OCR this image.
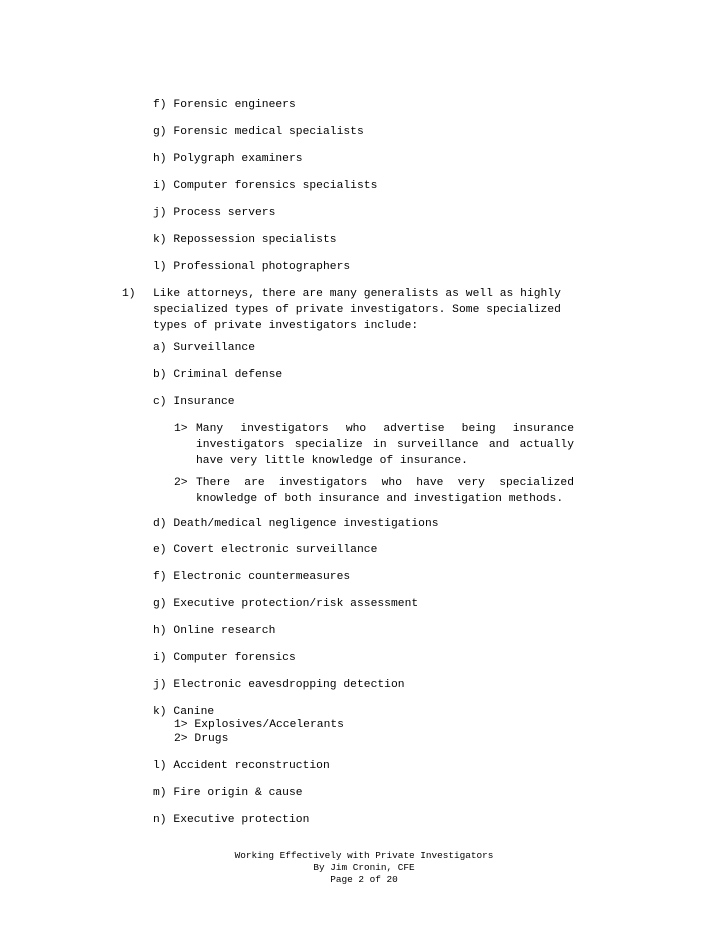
f) Forensic engineers
g) Forensic medical specialists
h) Polygraph examiners
i) Computer forensics specialists
j) Process servers
k) Repossession specialists
l) Professional photographers
1) Like attorneys, there are many generalists as well as highly
specialized types of private investigators. Some specialized
types of private investigators include:
a) Surveillance
b) Criminal defense
c) Insurance
1> Many investigators who advertise being insurance
investigators specialize in surveillance and actually
have very little knowledge of insurance.
2> There are investigators who have very specialized
knowledge of both insurance and investigation methods.
d) Death/medical negligence investigations
e) Covert electronic surveillance
f) Electronic countermeasures
g) Executive protection/risk assessment
h) Online research
i) Computer forensics
j) Electronic eavesdropping detection
k) Canine
1> Explosives/Accelerants
2> Drugs
l) Accident reconstruction
m) Fire origin & cause
n) Executive protection
Working Effectively with Private Investigators
By Jim Cronin, CFE
Page 2 of 20
